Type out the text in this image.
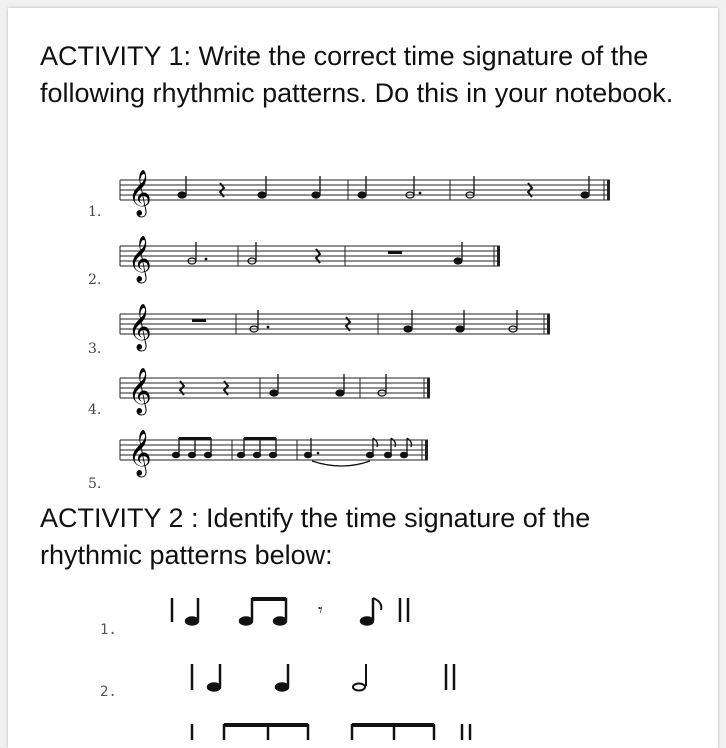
ACTIVITY 1: Write the correct time signature of the following rhythmic patterns. Do this in your notebook.

1. 𝄞
2. 𝄞
3. 𝄞
4. 𝄞
5.
𝄞

ACTIVITY 2 : Identify the time signature of the rhythmic patterns below:

1.
𝄾
2.
